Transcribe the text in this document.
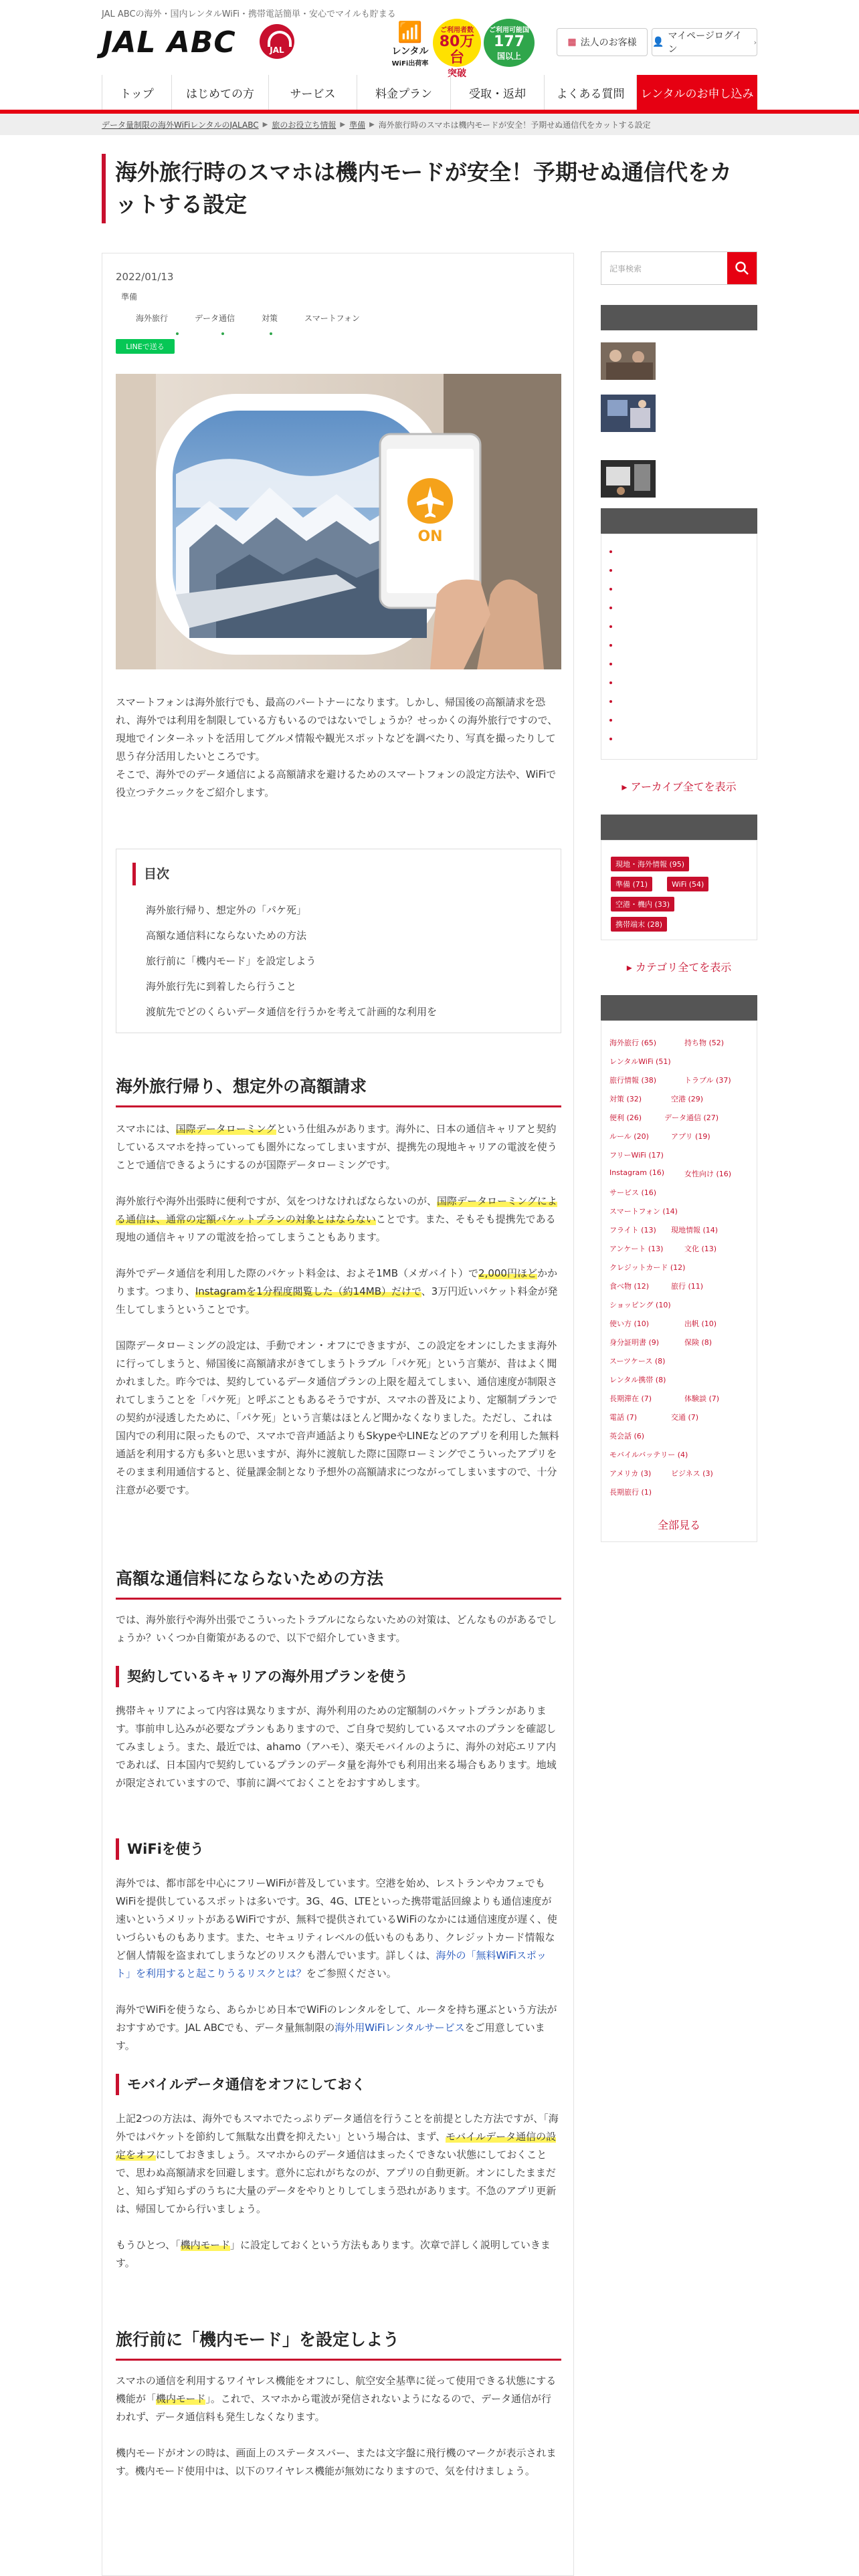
JAL ABCの海外・国内レンタルWiFi・携帯電話簡単・安心でマイルも貯まる
JAL ABC	JAL
📶
レンタル
WiFi出荷率
ご利用者数
80万台
突破
ご利用可能国
177
国以上
▦ 法人のお客様 👤
マイページログイン
›
トップ	はじめての方	サービス	料金プラン	受取・返却	よくある質問	レンタルのお申し込み
データ量制限の海外WiFiレンタルのJALABC ▶ 旅のお役立ち情報 ▶ 準備 ▶ 海外旅行時のスマホは機内モードが安全！予期せぬ通信代をカットする設定
海外旅行時のスマホは機内モードが安全！予期せぬ通信代をカットする設定
2022/01/13
準備
海外旅行	データ通信	対策	スマートフォン
LINEで送る
ON

スマートフォンは海外旅行でも、最高のパートナーになります。しかし、帰国後の高額請求を恐れ、海外では利用を制限している方もいるのではないでしょうか？せっかくの海外旅行ですので、現地でインターネットを活用してグルメ情報や観光スポットなどを調べたり、写真を撮ったりして思う存分活用したいところです。

そこで、海外でのデータ通信による高額請求を避けるためのスマートフォンの設定方法や、WiFiで役立つテクニックをご紹介します。

目次
海外旅行帰り、想定外の「パケ死」
高額な通信料にならないための方法
旅行前に「機内モード」を設定しよう
海外旅行先に到着したら行うこと
渡航先でどのくらいデータ通信を行うかを考えて計画的な利用を
海外旅行帰り、想定外の高額請求

スマホには、国際データローミングという仕組みがあります。海外に、日本の通信キャリアと契約しているスマホを持っていっても圏外になってしまいますが、提携先の現地キャリアの電波を使うことで通信できるようにするのが国際データローミングです。

海外旅行や海外出張時に便利ですが、気をつけなければならないのが、国際データローミングによる通信は、通常の定額パケットプランの対象とはならないことです。また、そもそも提携先である現地の通信キャリアの電波を拾ってしまうこともあります。

海外でデータ通信を利用した際のパケット料金は、およそ1MB（メガバイト）で2,000円ほどかかります。つまり、Instagramを1分程度閲覧した（約14MB）だけで、3万円近いパケット料金が発生してしまうということです。

国際データローミングの設定は、手動でオン・オフにできますが、この設定をオンにしたまま海外に行ってしまうと、帰国後に高額請求がきてしまうトラブル「パケ死」という言葉が、昔はよく聞かれました。昨今では、契約しているデータ通信プランの上限を超えてしまい、通信速度が制限されてしまうことを「パケ死」と呼ぶこともあるそうですが、スマホの普及により、定額制プランでの契約が浸透したために、「パケ死」という言葉はほとんど聞かなくなりました。ただし、これは国内での利用に限ったもので、スマホで音声通話よりもSkypeやLINEなどのアプリを利用した無料通話を利用する方も多いと思いますが、海外に渡航した際に国際ローミングでこういったアプリをそのまま利用通信すると、従量課金制となり予想外の高額請求につながってしまいますので、十分注意が必要です。

高額な通信料にならないための方法

では、海外旅行や海外出張でこういったトラブルにならないための対策は、どんなものがあるでしょうか？いくつか自衛策があるので、以下で紹介していきます。

契約しているキャリアの海外用プランを使う

携帯キャリアによって内容は異なりますが、海外利用のための定額制のパケットプランがあります。事前申し込みが必要なプランもありますので、ご自身で契約しているスマホのプランを確認してみましょう。また、最近では、ahamo（アハモ）、楽天モバイルのように、海外の対応エリア内であれば、日本国内で契約しているプランのデータ量を海外でも利用出来る場合もあります。地域が限定されていますので、事前に調べておくことをおすすめします。

WiFiを使う

海外では、都市部を中心にフリーWiFiが普及しています。空港を始め、レストランやカフェでもWiFiを提供しているスポットは多いです。3G、4G、LTEといった携帯電話回線よりも通信速度が速いというメリットがあるWiFiですが、無料で提供されているWiFiのなかには通信速度が遅く、使いづらいものもあります。また、セキュリティレベルの低いものもあり、クレジットカード情報など個人情報を盗まれてしまうなどのリスクも潜んでいます。詳しくは、海外の「無料WiFiスポット」を利用すると起こりうるリスクとは？をご参照ください。

海外でWiFiを使うなら、あらかじめ日本でWiFiのレンタルをして、ルータを持ち運ぶという方法がおすすめです。JAL ABCでも、データ量無制限の海外用WiFiレンタルサービスをご用意しています。

モバイルデータ通信をオフにしておく

上記2つの方法は、海外でもスマホでたっぷりデータ通信を行うことを前提とした方法ですが、「海外ではパケットを節約して無駄な出費を抑えたい」という場合は、まず、モバイルデータ通信の設定をオフにしておきましょう。スマホからのデータ通信はまったくできない状態にしておくことで、思わぬ高額請求を回避します。意外に忘れがちなのが、アプリの自動更新。オンにしたままだと、知らず知らずのうちに大量のデータをやりとりしてしまう恐れがあります。不急のアプリ更新は、帰国してから行いましょう。

もうひとつ、「機内モード」に設定しておくという方法もあります。次章で詳しく説明していきます。

旅行前に「機内モード」を設定しよう

スマホの通信を利用するワイヤレス機能をオフにし、航空安全基準に従って使用できる状態にする機能が「機内モード」。これで、スマホから電波が発信されないようになるので、データ通信が行われず、データ通信料も発生しなくなります。

機内モードがオンの時は、画面上のステータスバー、または文字盤に飛行機のマークが表示されます。機内モード使用中は、以下のワイヤレス機能が無効になりますので、気を付けましょう。

記事検索
▸ アーカイブ全てを表示
現地・海外情報 (95)
準備 (71)	WiFi (54)
空港・機内 (33)
携帯端末 (28)
▸ カテゴリ全てを表示
海外旅行 (65)	持ち物 (52)
レンタルWiFi (51)
旅行情報 (38)	トラブル (37)
対策 (32)	空港 (29)
便利 (26)	データ通信 (27)
ルール (20)	アプリ (19)
フリーWiFi (17)
Instagram (16)	女性向け (16)
サービス (16)
スマートフォン (14)
フライト (13) 現地情報 (14)
アンケート (13)	文化 (13)
クレジットカード (12)
食べ物 (12)	旅行 (11)
ショッピング (10)
使い方 (10)	出帆 (10)
身分証明書 (9)	保険 (8)
スーツケース (8)
レンタル携帯 (8)
長期滞在 (7)	体験談 (7)
電話 (7)	交通 (7)
英会話 (6)
モバイルバッテリー (4)
アメリカ (3)	ビジネス (3)
長期旅行 (1)
全部見る
